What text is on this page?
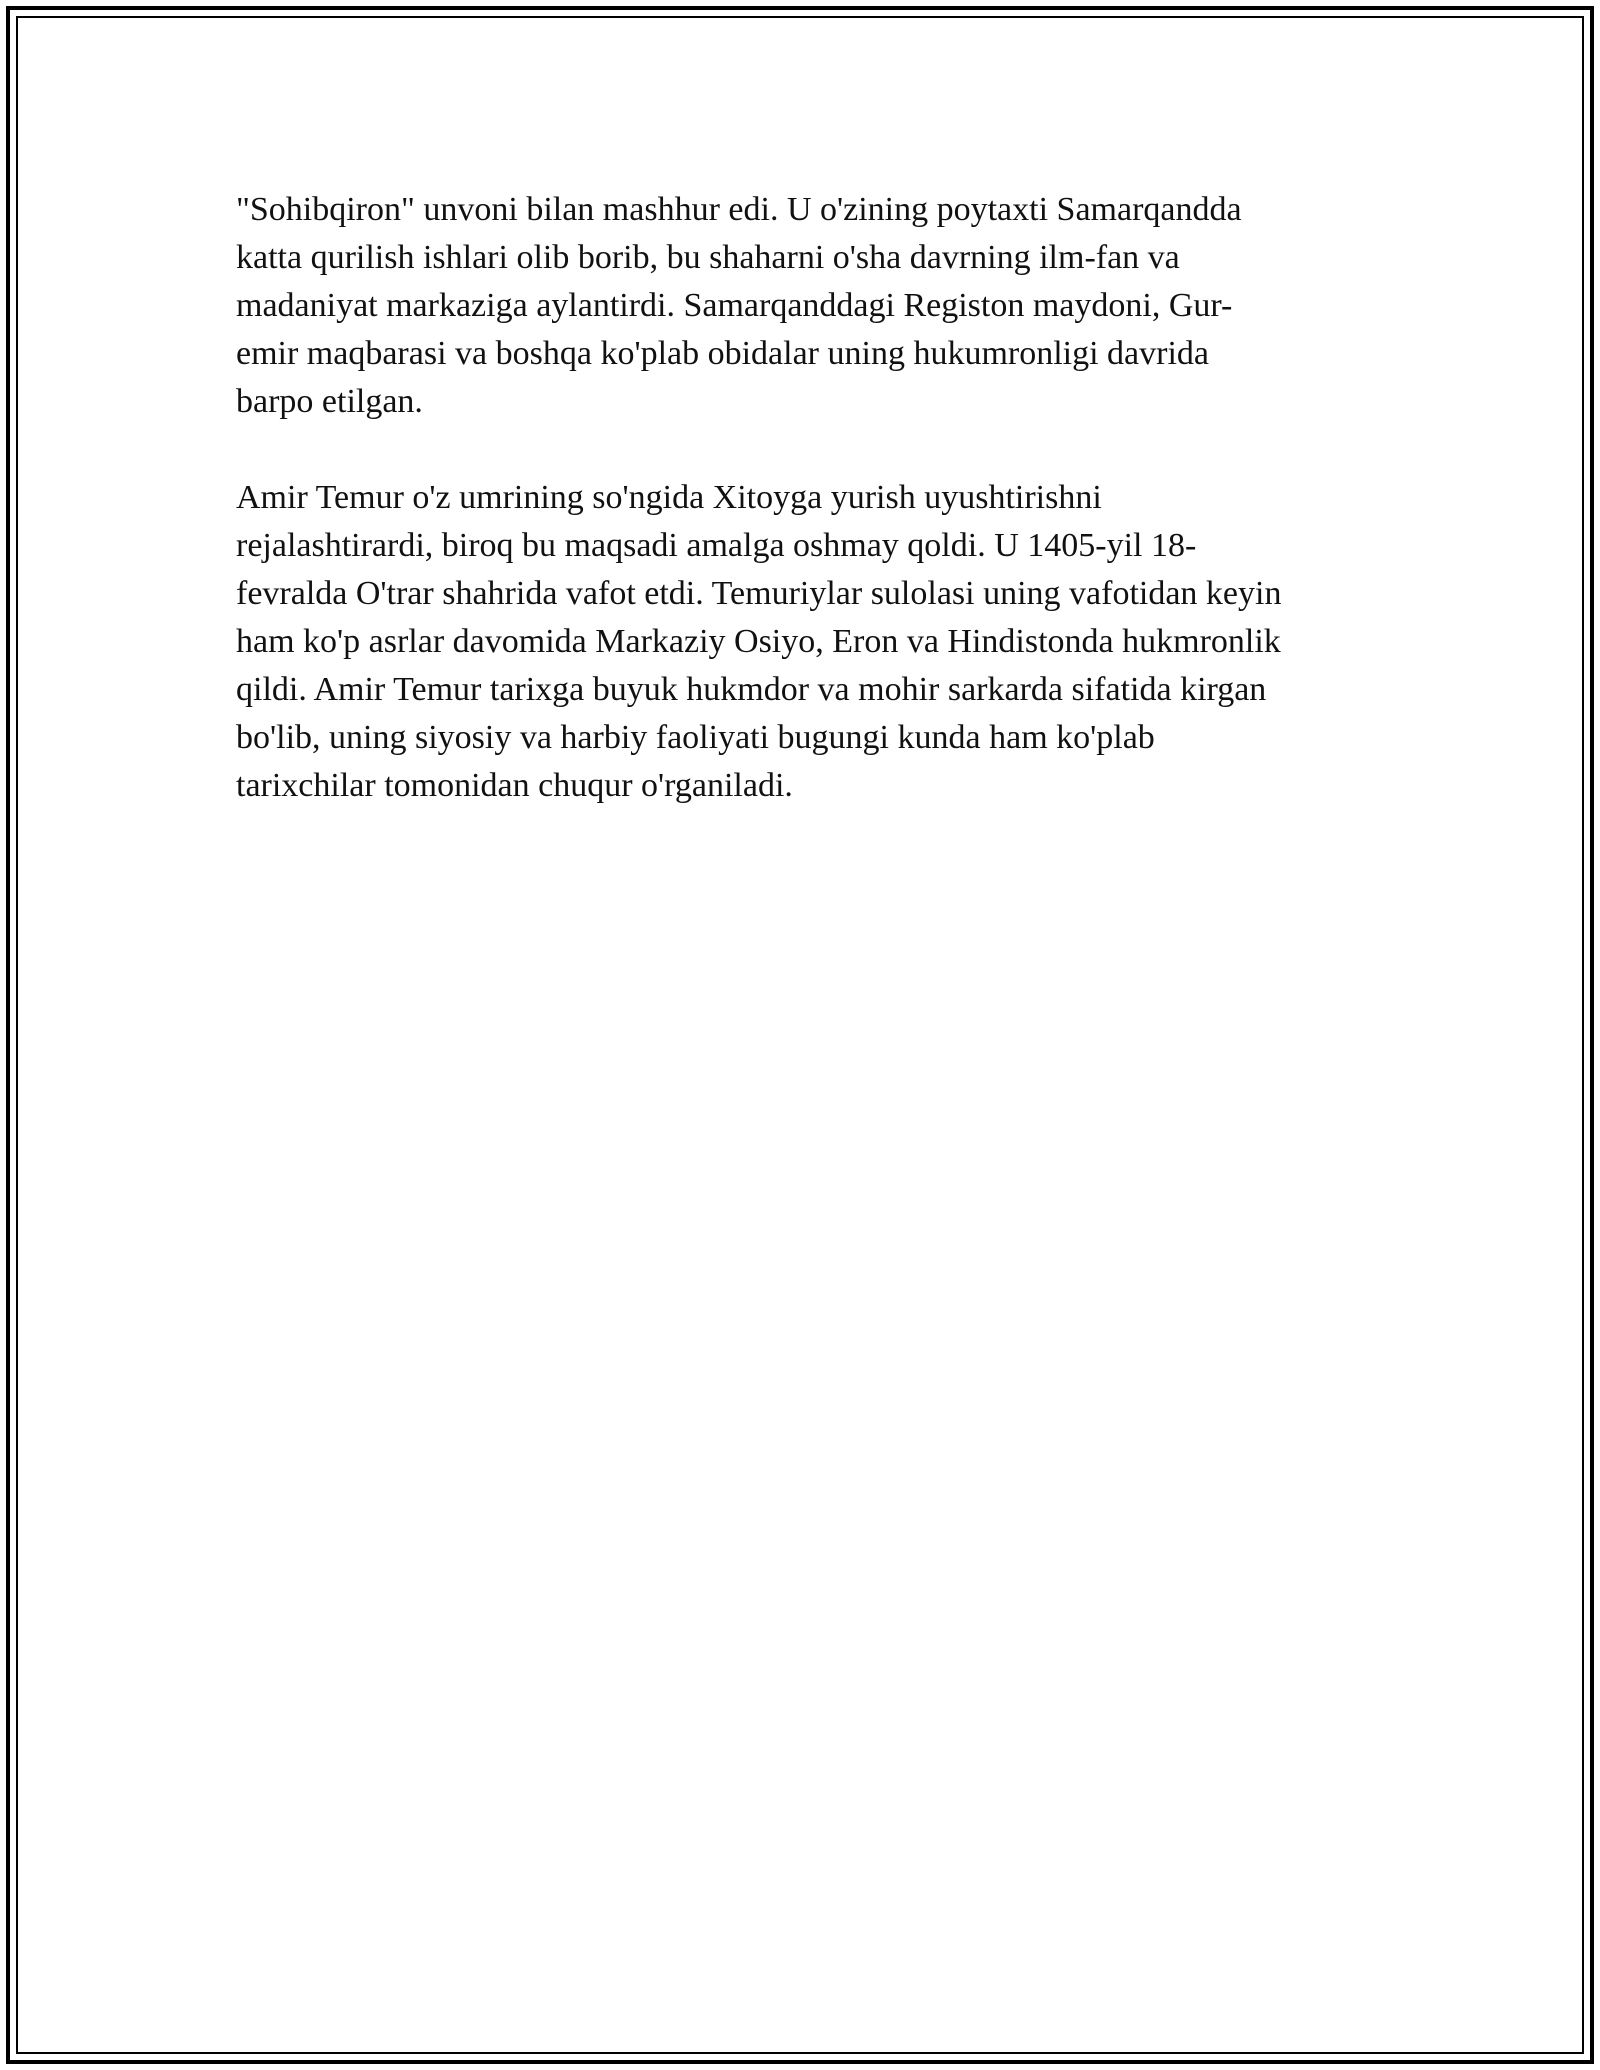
"Sohibqiron" unvoni bilan mashhur edi. U o'zining poytaxti Samarqandda
katta qurilish ishlari olib borib, bu shaharni o'sha davrning ilm-fan va
madaniyat markaziga aylantirdi. Samarqanddagi Registon maydoni, Gur-
emir maqbarasi va boshqa ko'plab obidalar uning hukumronligi davrida
barpo etilgan.

Amir Temur o'z umrining so'ngida Xitoyga yurish uyushtirishni
rejalashtirardi, biroq bu maqsadi amalga oshmay qoldi. U 1405-yil 18-
fevralda O'trar shahrida vafot etdi. Temuriylar sulolasi uning vafotidan keyin
ham ko'p asrlar davomida Markaziy Osiyo, Eron va Hindistonda hukmronlik
qildi. Amir Temur tarixga buyuk hukmdor va mohir sarkarda sifatida kirgan
bo'lib, uning siyosiy va harbiy faoliyati bugungi kunda ham ko'plab
tarixchilar tomonidan chuqur o'rganiladi.
